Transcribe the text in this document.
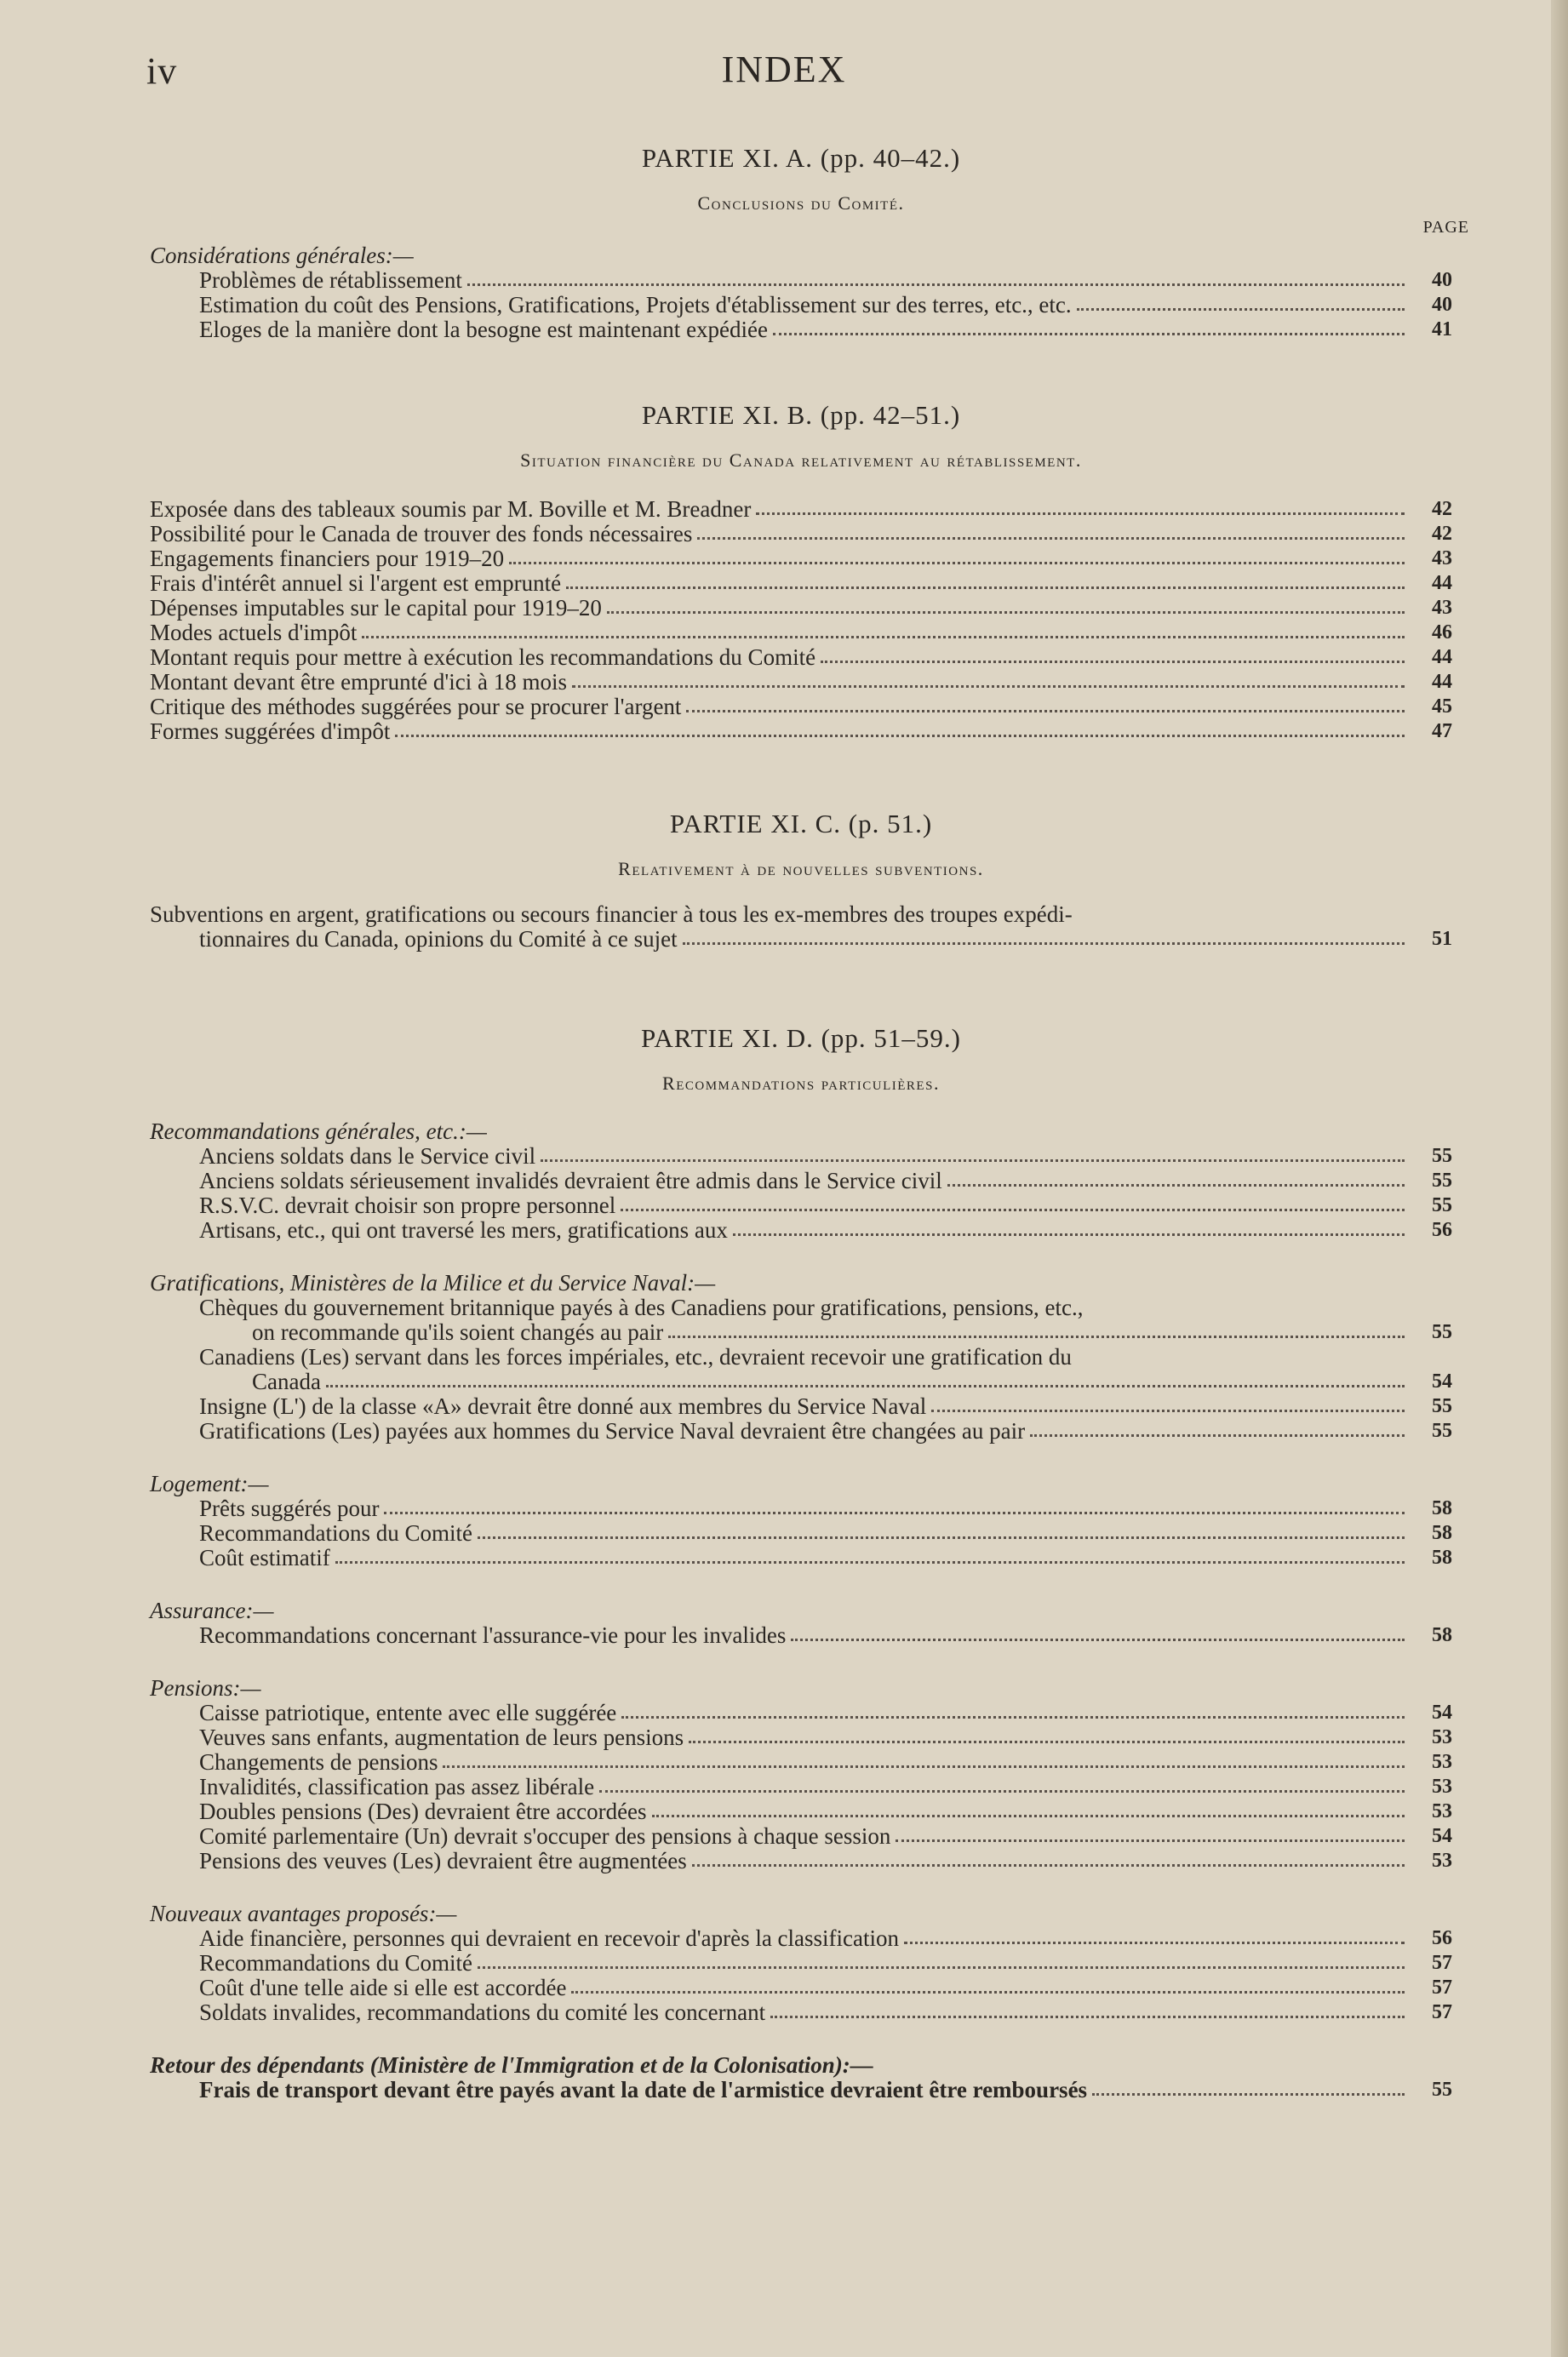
iv	INDEX
PARTIE XI. A. (pp. 40–42.)
Conclusions du Comité.
PAGE
Considérations générales:—
Problèmes de rétablissement	40
Estimation du coût des Pensions, Gratifications, Projets d'établissement sur des terres, etc., etc.	40
Eloges de la manière dont la besogne est maintenant expédiée	41
PARTIE XI. B. (pp. 42–51.)
Situation financière du Canada relativement au rétablissement.
Exposée dans des tableaux soumis par M. Boville et M. Breadner	42
Possibilité pour le Canada de trouver des fonds nécessaires	42
Engagements financiers pour 1919–20	43
Frais d'intérêt annuel si l'argent est emprunté	44
Dépenses imputables sur le capital pour 1919–20	43
Modes actuels d'impôt	46
Montant requis pour mettre à exécution les recommandations du Comité	44
Montant devant être emprunté d'ici à 18 mois	44
Critique des méthodes suggérées pour se procurer l'argent	45
Formes suggérées d'impôt	47
PARTIE XI. C. (p. 51.)
Relativement à de nouvelles subventions.
Subventions en argent, gratifications ou secours financier à tous les ex-membres des troupes expédi-
tionnaires du Canada, opinions du Comité à ce sujet	51
PARTIE XI. D. (pp. 51–59.)
Recommandations particulières.
Recommandations générales, etc.:—
Anciens soldats dans le Service civil	55
Anciens soldats sérieusement invalidés devraient être admis dans le Service civil	55
R.S.V.C. devrait choisir son propre personnel	55
Artisans, etc., qui ont traversé les mers, gratifications aux	56
Gratifications, Ministères de la Milice et du Service Naval:—
Chèques du gouvernement britannique payés à des Canadiens pour gratifications, pensions, etc.,
on recommande qu'ils soient changés au pair	55
Canadiens (Les) servant dans les forces impériales, etc., devraient recevoir une gratification du
Canada	54
Insigne (L') de la classe «A» devrait être donné aux membres du Service Naval	55
Gratifications (Les) payées aux hommes du Service Naval devraient être changées au pair	55
Logement:—
Prêts suggérés pour	58
Recommandations du Comité	58
Coût estimatif	58
Assurance:—
Recommandations concernant l'assurance-vie pour les invalides	58
Pensions:—
Caisse patriotique, entente avec elle suggérée	54
Veuves sans enfants, augmentation de leurs pensions	53
Changements de pensions	53
Invalidités, classification pas assez libérale	53
Doubles pensions (Des) devraient être accordées	53
Comité parlementaire (Un) devrait s'occuper des pensions à chaque session	54
Pensions des veuves (Les) devraient être augmentées	53
Nouveaux avantages proposés:—
Aide financière, personnes qui devraient en recevoir d'après la classification	56
Recommandations du Comité	57
Coût d'une telle aide si elle est accordée	57
Soldats invalides, recommandations du comité les concernant	57
Retour des dépendants (Ministère de l'Immigration et de la Colonisation):—
Frais de transport devant être payés avant la date de l'armistice devraient être remboursés	55
